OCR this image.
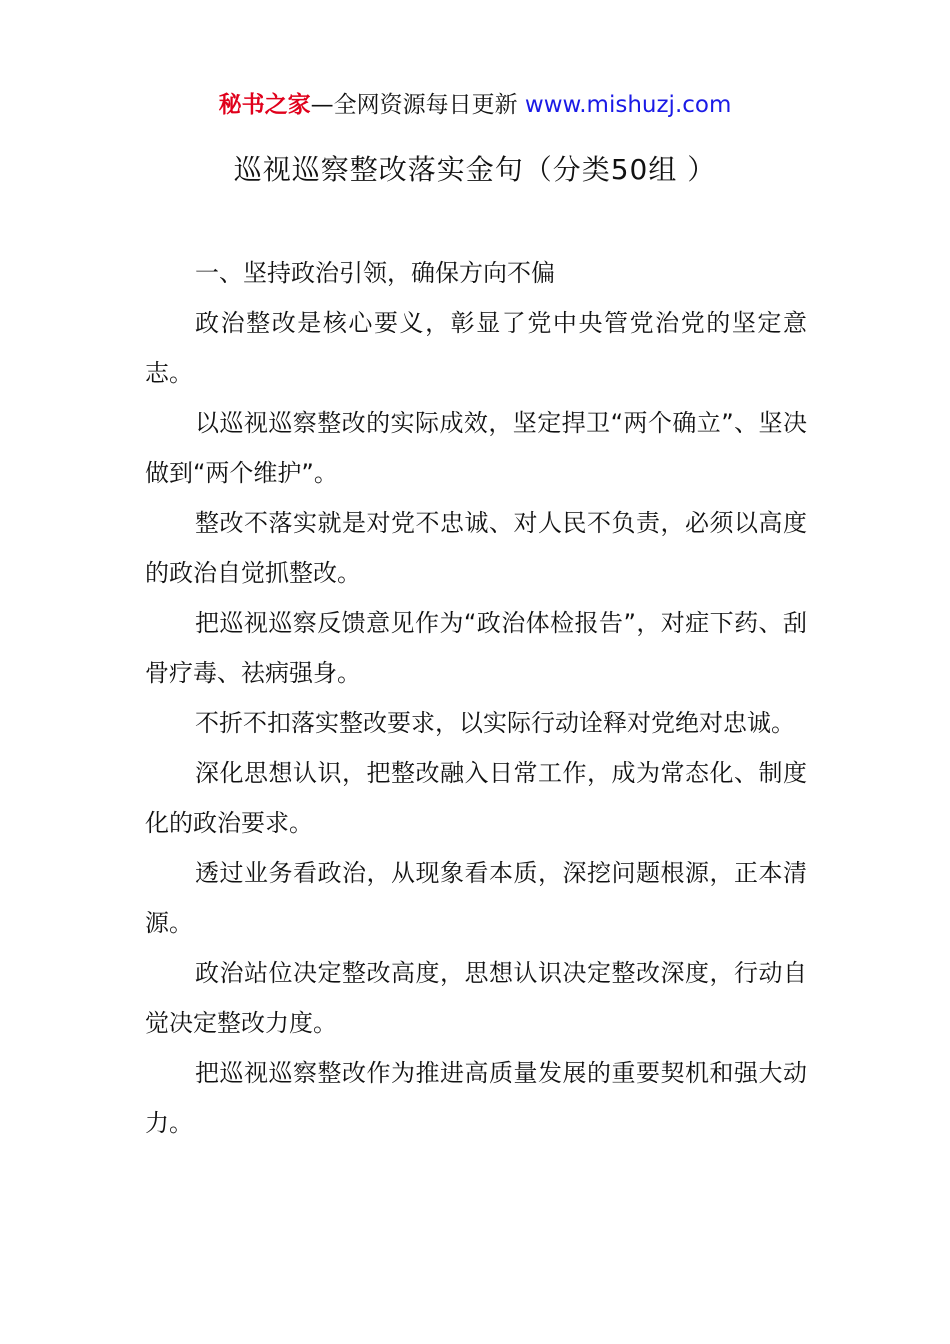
秘书之家—全网资源每日更新 www.mishuzj.com
巡视巡察整改落实金句（分类50组 ）

一、坚持政治引领，确保方向不偏

政治整改是核心要义，彰显了党中央管党治党的坚定意志。

以巡视巡察整改的实际成效，坚定捍卫“两个确立”、坚决做到“两个维护”。

整改不落实就是对党不忠诚、对人民不负责，必须以高度的政治自觉抓整改。

把巡视巡察反馈意见作为“政治体检报告”，对症下药、刮骨疗毒、祛病强身。

不折不扣落实整改要求，以实际行动诠释对党绝对忠诚。

深化思想认识，把整改融入日常工作，成为常态化、制度化的政治要求。

透过业务看政治，从现象看本质，深挖问题根源，正本清源。

政治站位决定整改高度，思想认识决定整改深度，行动自觉决定整改力度。

把巡视巡察整改作为推进高质量发展的重要契机和强大动力。
